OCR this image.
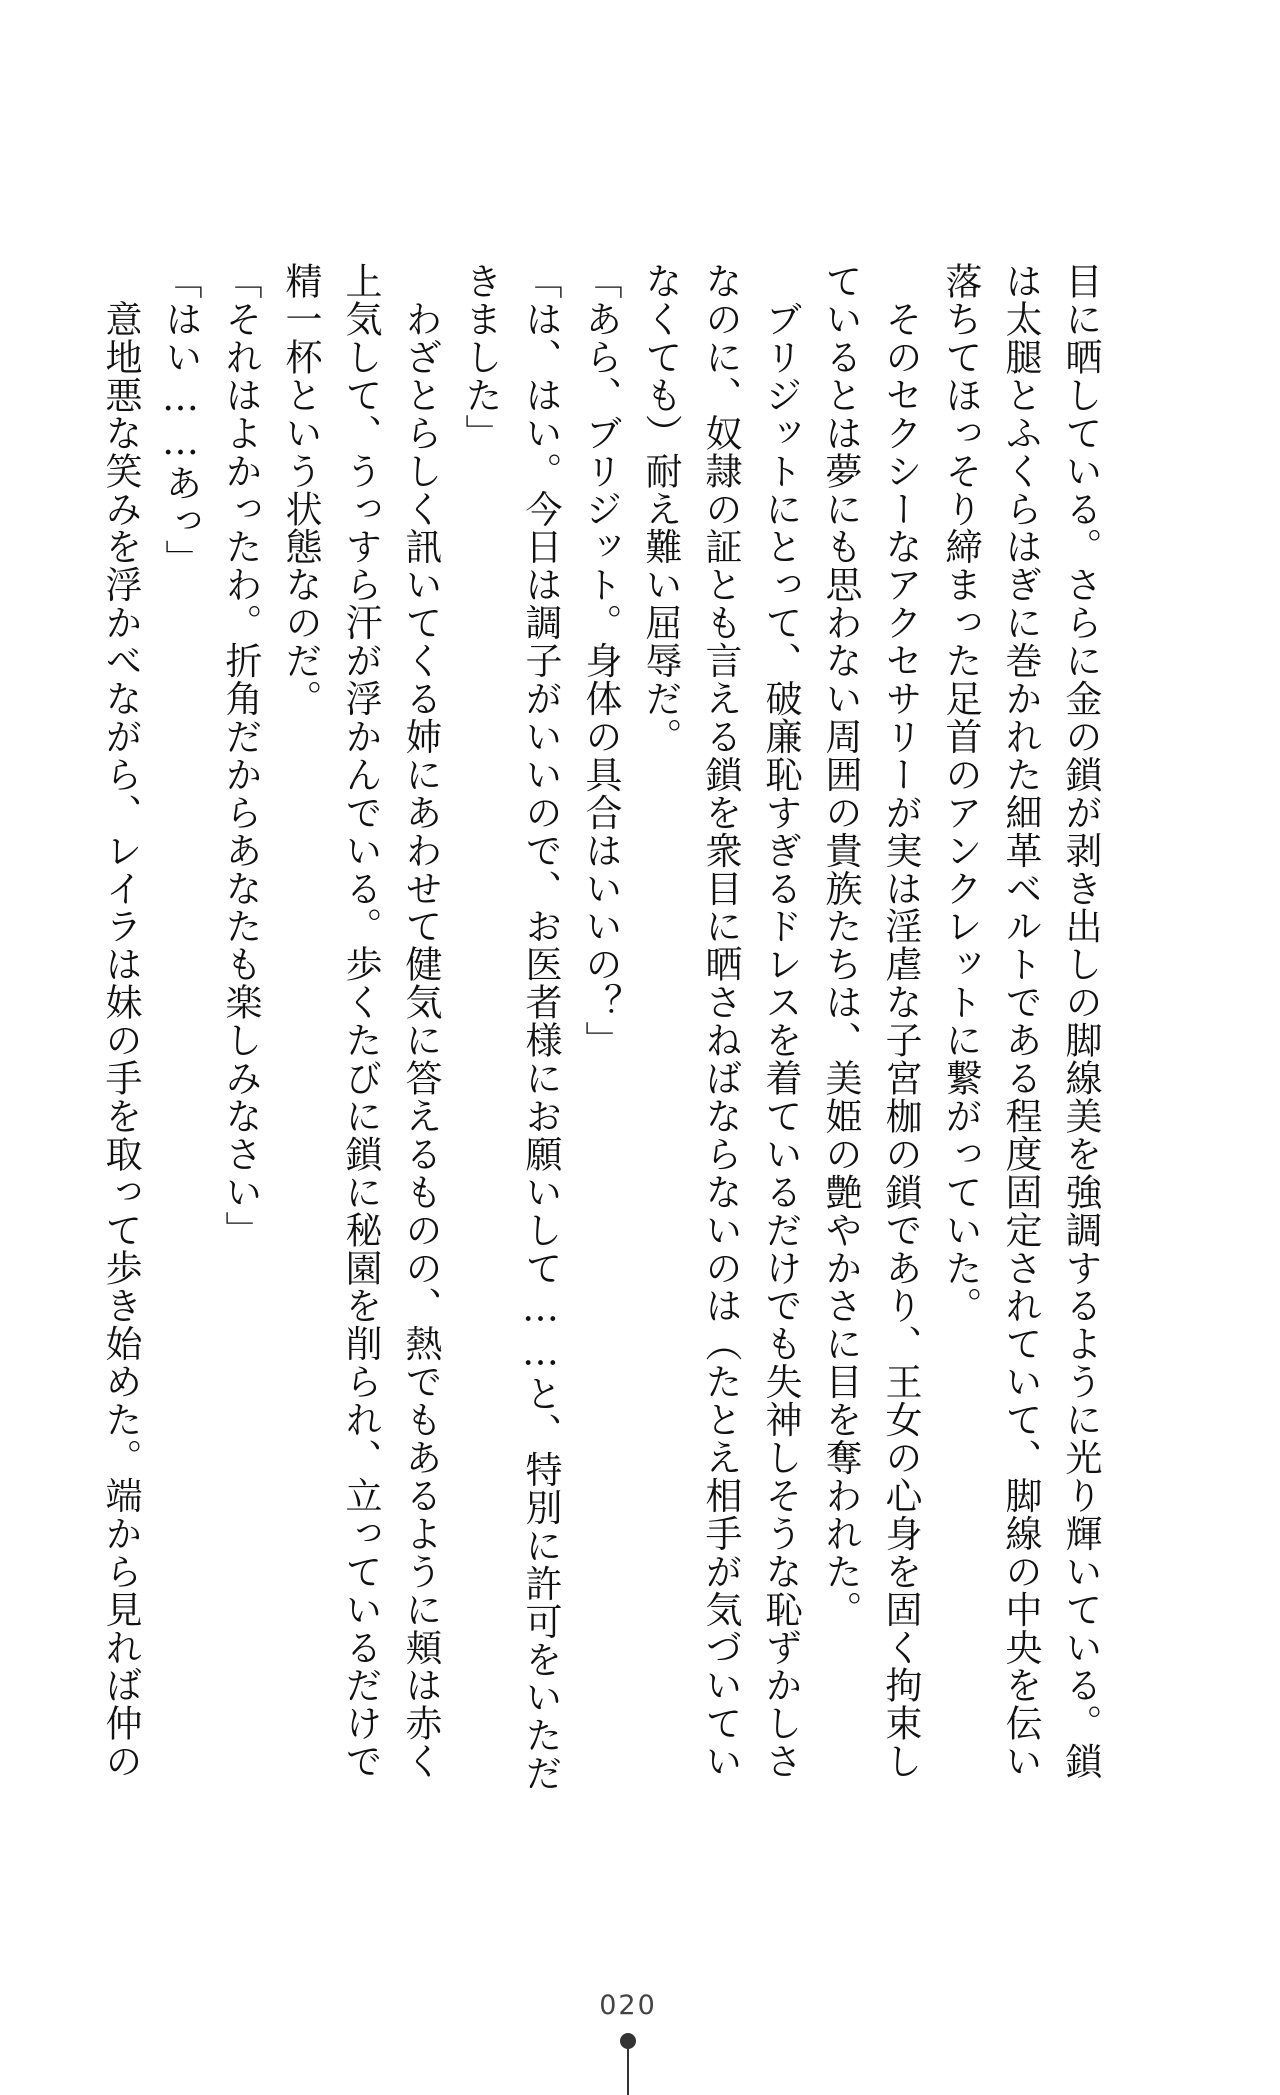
目に晒している。さらに金の鎖が剥き出しの脚線美を強調するように光り輝いている。鎖

は太腿とふくらはぎに巻かれた細革ベルトである程度固定されていて、脚線の中央を伝い

落ちてほっそり締まった足首のアンクレットに繋がっていた。

　そのセクシーなアクセサリーが実は淫虐な子宮枷の鎖であり、王女の心身を固く拘束し

ているとは夢にも思わない周囲の貴族たちは、美姫の艶やかさに目を奪われた。

　ブリジットにとって、破廉恥すぎるドレスを着ているだけでも失神しそうな恥ずかしさ

なのに、奴隷の証とも言える鎖を衆目に晒さねばならないのは（たとえ相手が気づいてい

なくても）耐え難い屈辱だ。

「あら、ブリジット。身体の具合はいいの？」

「は、はい。今日は調子がいいので、お医者様にお願いして……と、特別に許可をいただ

きました」

　わざとらしく訊いてくる姉にあわせて健気に答えるものの、熱でもあるように頬は赤く

上気して、うっすら汗が浮かんでいる。歩くたびに鎖に秘園を削られ、立っているだけで

精一杯という状態なのだ。

「それはよかったわ。折角だからあなたも楽しみなさい」

「はい……あっ」

　意地悪な笑みを浮かべながら、レイラは妹の手を取って歩き始めた。端から見れば仲の

020
